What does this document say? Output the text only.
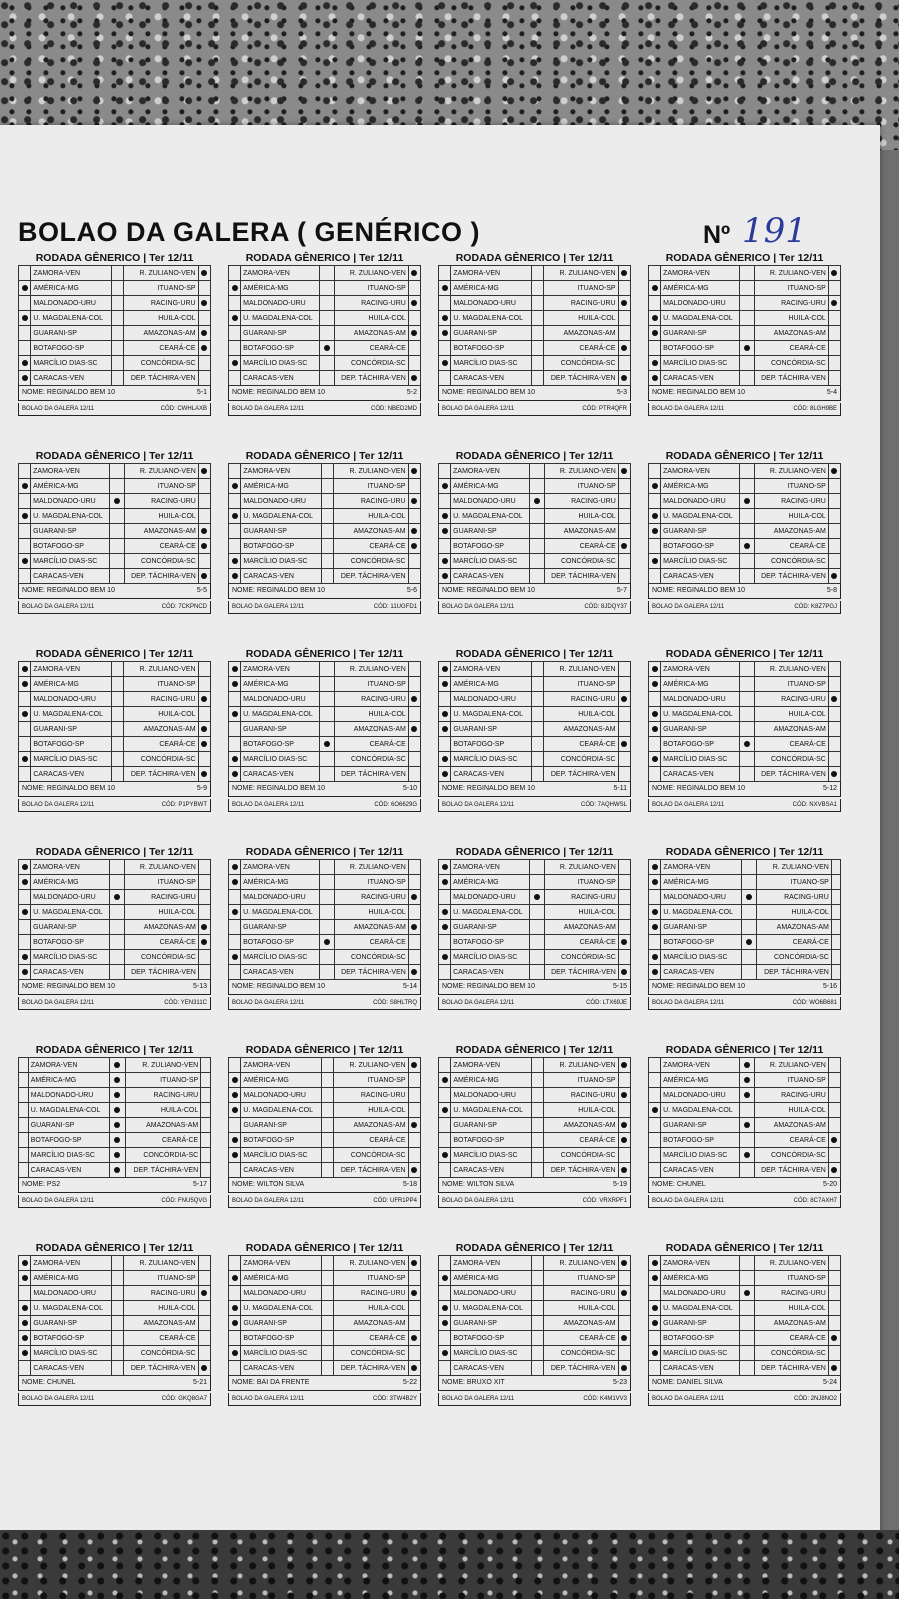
BOLAO DA GALERA ( GENÉRICO )	Nº 191
RODADA GÊNERICO | Ter 12/11
	ZAMORA-VEN		R. ZULIANO-VEN	
	AMÉRICA-MG		ITUANO-SP	
	MALDONADO-URU		RACING-URU	
	U. MAGDALENA-COL		HUILA-COL	
	GUARANI-SP		AMAZONAS-AM	
	BOTAFOGO-SP		CEARÁ-CE	
	MARCÍLIO DIAS-SC		CONCÓRDIA-SC	
	CARACAS-VEN		DEP. TÁCHIRA-VEN	
NOME: REGINALDO BEM 10	5-1
BOLAO DA GALERA 12/11	CÓD: CWHLAXB
RODADA GÊNERICO | Ter 12/11
	ZAMORA-VEN		R. ZULIANO-VEN	
	AMÉRICA-MG		ITUANO-SP	
	MALDONADO-URU		RACING-URU	
	U. MAGDALENA-COL		HUILA-COL	
	GUARANI-SP		AMAZONAS-AM	
	BOTAFOGO-SP		CEARÁ-CE	
	MARCÍLIO DIAS-SC		CONCÓRDIA-SC	
	CARACAS-VEN		DEP. TÁCHIRA-VEN	
NOME: REGINALDO BEM 10	5-2
BOLAO DA GALERA 12/11	CÓD: NBED2MD
RODADA GÊNERICO | Ter 12/11
	ZAMORA-VEN		R. ZULIANO-VEN	
	AMÉRICA-MG		ITUANO-SP	
	MALDONADO-URU		RACING-URU	
	U. MAGDALENA-COL		HUILA-COL	
	GUARANI-SP		AMAZONAS-AM	
	BOTAFOGO-SP		CEARÁ-CE	
	MARCÍLIO DIAS-SC		CONCÓRDIA-SC	
	CARACAS-VEN		DEP. TÁCHIRA-VEN	
NOME: REGINALDO BEM 10	5-3
BOLAO DA GALERA 12/11	CÓD: PTR4QFR
RODADA GÊNERICO | Ter 12/11
	ZAMORA-VEN		R. ZULIANO-VEN	
	AMÉRICA-MG		ITUANO-SP	
	MALDONADO-URU		RACING-URU	
	U. MAGDALENA-COL		HUILA-COL	
	GUARANI-SP		AMAZONAS-AM	
	BOTAFOGO-SP		CEARÁ-CE	
	MARCÍLIO DIAS-SC		CONCÓRDIA-SC	
	CARACAS-VEN		DEP. TÁCHIRA-VEN	
NOME: REGINALDO BEM 10	5-4
BOLAO DA GALERA 12/11	CÓD: 8LGH9BE
RODADA GÊNERICO | Ter 12/11
	ZAMORA-VEN		R. ZULIANO-VEN	
	AMÉRICA-MG		ITUANO-SP	
	MALDONADO-URU		RACING-URU	
	U. MAGDALENA-COL		HUILA-COL	
	GUARANI-SP		AMAZONAS-AM	
	BOTAFOGO-SP		CEARÁ-CE	
	MARCÍLIO DIAS-SC		CONCÓRDIA-SC	
	CARACAS-VEN		DEP. TÁCHIRA-VEN	
NOME: REGINALDO BEM 10	5-5
BOLAO DA GALERA 12/11	CÓD: 7CKPNCD
RODADA GÊNERICO | Ter 12/11
	ZAMORA-VEN		R. ZULIANO-VEN	
	AMÉRICA-MG		ITUANO-SP	
	MALDONADO-URU		RACING-URU	
	U. MAGDALENA-COL		HUILA-COL	
	GUARANI-SP		AMAZONAS-AM	
	BOTAFOGO-SP		CEARÁ-CE	
	MARCÍLIO DIAS-SC		CONCÓRDIA-SC	
	CARACAS-VEN		DEP. TÁCHIRA-VEN	
NOME: REGINALDO BEM 10	5-6
BOLAO DA GALERA 12/11	CÓD: 11UGFD1
RODADA GÊNERICO | Ter 12/11
	ZAMORA-VEN		R. ZULIANO-VEN	
	AMÉRICA-MG		ITUANO-SP	
	MALDONADO-URU		RACING-URU	
	U. MAGDALENA-COL		HUILA-COL	
	GUARANI-SP		AMAZONAS-AM	
	BOTAFOGO-SP		CEARÁ-CE	
	MARCÍLIO DIAS-SC		CONCÓRDIA-SC	
	CARACAS-VEN		DEP. TÁCHIRA-VEN	
NOME: REGINALDO BEM 10	5-7
BOLAO DA GALERA 12/11	CÓD: 8JDQY37
RODADA GÊNERICO | Ter 12/11
	ZAMORA-VEN		R. ZULIANO-VEN	
	AMÉRICA-MG		ITUANO-SP	
	MALDONADO-URU		RACING-URU	
	U. MAGDALENA-COL		HUILA-COL	
	GUARANI-SP		AMAZONAS-AM	
	BOTAFOGO-SP		CEARÁ-CE	
	MARCÍLIO DIAS-SC		CONCÓRDIA-SC	
	CARACAS-VEN		DEP. TÁCHIRA-VEN	
NOME: REGINALDO BEM 10	5-8
BOLAO DA GALERA 12/11	CÓD: K8Z7PGJ
RODADA GÊNERICO | Ter 12/11
	ZAMORA-VEN		R. ZULIANO-VEN	
	AMÉRICA-MG		ITUANO-SP	
	MALDONADO-URU		RACING-URU	
	U. MAGDALENA-COL		HUILA-COL	
	GUARANI-SP		AMAZONAS-AM	
	BOTAFOGO-SP		CEARÁ-CE	
	MARCÍLIO DIAS-SC		CONCÓRDIA-SC	
	CARACAS-VEN		DEP. TÁCHIRA-VEN	
NOME: REGINALDO BEM 10	5-9
BOLAO DA GALERA 12/11	CÓD: P1PYBWT
RODADA GÊNERICO | Ter 12/11
	ZAMORA-VEN		R. ZULIANO-VEN	
	AMÉRICA-MG		ITUANO-SP	
	MALDONADO-URU		RACING-URU	
	U. MAGDALENA-COL		HUILA-COL	
	GUARANI-SP		AMAZONAS-AM	
	BOTAFOGO-SP		CEARÁ-CE	
	MARCÍLIO DIAS-SC		CONCÓRDIA-SC	
	CARACAS-VEN		DEP. TÁCHIRA-VEN	
NOME: REGINALDO BEM 10	5-10
BOLAO DA GALERA 12/11	CÓD: 6O6629G
RODADA GÊNERICO | Ter 12/11
	ZAMORA-VEN		R. ZULIANO-VEN	
	AMÉRICA-MG		ITUANO-SP	
	MALDONADO-URU		RACING-URU	
	U. MAGDALENA-COL		HUILA-COL	
	GUARANI-SP		AMAZONAS-AM	
	BOTAFOGO-SP		CEARÁ-CE	
	MARCÍLIO DIAS-SC		CONCÓRDIA-SC	
	CARACAS-VEN		DEP. TÁCHIRA-VEN	
NOME: REGINALDO BEM 10	5-11
BOLAO DA GALERA 12/11	CÓD: 7AQHWSL
RODADA GÊNERICO | Ter 12/11
	ZAMORA-VEN		R. ZULIANO-VEN	
	AMÉRICA-MG		ITUANO-SP	
	MALDONADO-URU		RACING-URU	
	U. MAGDALENA-COL		HUILA-COL	
	GUARANI-SP		AMAZONAS-AM	
	BOTAFOGO-SP		CEARÁ-CE	
	MARCÍLIO DIAS-SC		CONCÓRDIA-SC	
	CARACAS-VEN		DEP. TÁCHIRA-VEN	
NOME: REGINALDO BEM 10	5-12
BOLAO DA GALERA 12/11	CÓD: NXVBSA1
RODADA GÊNERICO | Ter 12/11
	ZAMORA-VEN		R. ZULIANO-VEN	
	AMÉRICA-MG		ITUANO-SP	
	MALDONADO-URU		RACING-URU	
	U. MAGDALENA-COL		HUILA-COL	
	GUARANI-SP		AMAZONAS-AM	
	BOTAFOGO-SP		CEARÁ-CE	
	MARCÍLIO DIAS-SC		CONCÓRDIA-SC	
	CARACAS-VEN		DEP. TÁCHIRA-VEN	
NOME: REGINALDO BEM 10	5-13
BOLAO DA GALERA 12/11	CÓD: YEN311C
RODADA GÊNERICO | Ter 12/11
	ZAMORA-VEN		R. ZULIANO-VEN	
	AMÉRICA-MG		ITUANO-SP	
	MALDONADO-URU		RACING-URU	
	U. MAGDALENA-COL		HUILA-COL	
	GUARANI-SP		AMAZONAS-AM	
	BOTAFOGO-SP		CEARÁ-CE	
	MARCÍLIO DIAS-SC		CONCÓRDIA-SC	
	CARACAS-VEN		DEP. TÁCHIRA-VEN	
NOME: REGINALDO BEM 10	5-14
BOLAO DA GALERA 12/11	CÓD: S8HLTRQ
RODADA GÊNERICO | Ter 12/11
	ZAMORA-VEN		R. ZULIANO-VEN	
	AMÉRICA-MG		ITUANO-SP	
	MALDONADO-URU		RACING-URU	
	U. MAGDALENA-COL		HUILA-COL	
	GUARANI-SP		AMAZONAS-AM	
	BOTAFOGO-SP		CEARÁ-CE	
	MARCÍLIO DIAS-SC		CONCÓRDIA-SC	
	CARACAS-VEN		DEP. TÁCHIRA-VEN	
NOME: REGINALDO BEM 10	5-15
BOLAO DA GALERA 12/11	CÓD: LTX69JE
RODADA GÊNERICO | Ter 12/11
	ZAMORA-VEN		R. ZULIANO-VEN	
	AMÉRICA-MG		ITUANO-SP	
	MALDONADO-URU		RACING-URU	
	U. MAGDALENA-COL		HUILA-COL	
	GUARANI-SP		AMAZONAS-AM	
	BOTAFOGO-SP		CEARÁ-CE	
	MARCÍLIO DIAS-SC		CONCÓRDIA-SC	
	CARACAS-VEN		DEP. TÁCHIRA-VEN	
NOME: REGINALDO BEM 10	5-16
BOLAO DA GALERA 12/11	CÓD: WO6B681
RODADA GÊNERICO | Ter 12/11
	ZAMORA-VEN		R. ZULIANO-VEN	
	AMÉRICA-MG		ITUANO-SP	
	MALDONADO-URU		RACING-URU	
	U. MAGDALENA-COL		HUILA-COL	
	GUARANI-SP		AMAZONAS-AM	
	BOTAFOGO-SP		CEARÁ-CE	
	MARCÍLIO DIAS-SC		CONCÓRDIA-SC	
	CARACAS-VEN		DEP. TÁCHIRA-VEN	
NOME: PS2	5-17
BOLAO DA GALERA 12/11	CÓD: FNU5QVG
RODADA GÊNERICO | Ter 12/11
	ZAMORA-VEN		R. ZULIANO-VEN	
	AMÉRICA-MG		ITUANO-SP	
	MALDONADO-URU		RACING-URU	
	U. MAGDALENA-COL		HUILA-COL	
	GUARANI-SP		AMAZONAS-AM	
	BOTAFOGO-SP		CEARÁ-CE	
	MARCÍLIO DIAS-SC		CONCÓRDIA-SC	
	CARACAS-VEN		DEP. TÁCHIRA-VEN	
NOME: WILTON SILVA	5-18
BOLAO DA GALERA 12/11	CÓD: UFR1PP4
RODADA GÊNERICO | Ter 12/11
	ZAMORA-VEN		R. ZULIANO-VEN	
	AMÉRICA-MG		ITUANO-SP	
	MALDONADO-URU		RACING-URU	
	U. MAGDALENA-COL		HUILA-COL	
	GUARANI-SP		AMAZONAS-AM	
	BOTAFOGO-SP		CEARÁ-CE	
	MARCÍLIO DIAS-SC		CONCÓRDIA-SC	
	CARACAS-VEN		DEP. TÁCHIRA-VEN	
NOME: WILTON SILVA	5-19
BOLAO DA GALERA 12/11	CÓD: VRXRPF1
RODADA GÊNERICO | Ter 12/11
	ZAMORA-VEN		R. ZULIANO-VEN	
	AMÉRICA-MG		ITUANO-SP	
	MALDONADO-URU		RACING-URU	
	U. MAGDALENA-COL		HUILA-COL	
	GUARANI-SP		AMAZONAS-AM	
	BOTAFOGO-SP		CEARÁ-CE	
	MARCÍLIO DIAS-SC		CONCÓRDIA-SC	
	CARACAS-VEN		DEP. TÁCHIRA-VEN	
NOME: CHUNEL	5-20
BOLAO DA GALERA 12/11	CÓD: 8C7AXH7
RODADA GÊNERICO | Ter 12/11
	ZAMORA-VEN		R. ZULIANO-VEN	
	AMÉRICA-MG		ITUANO-SP	
	MALDONADO-URU		RACING-URU	
	U. MAGDALENA-COL		HUILA-COL	
	GUARANI-SP		AMAZONAS-AM	
	BOTAFOGO-SP		CEARÁ-CE	
	MARCÍLIO DIAS-SC		CONCÓRDIA-SC	
	CARACAS-VEN		DEP. TÁCHIRA-VEN	
NOME: CHUNEL	5-21
BOLAO DA GALERA 12/11	CÓD: GKQ8GA7
RODADA GÊNERICO | Ter 12/11
	ZAMORA-VEN		R. ZULIANO-VEN	
	AMÉRICA-MG		ITUANO-SP	
	MALDONADO-URU		RACING-URU	
	U. MAGDALENA-COL		HUILA-COL	
	GUARANI-SP		AMAZONAS-AM	
	BOTAFOGO-SP		CEARÁ-CE	
	MARCÍLIO DIAS-SC		CONCÓRDIA-SC	
	CARACAS-VEN		DEP. TÁCHIRA-VEN	
NOME: BAI DA FRENTE	5-22
BOLAO DA GALERA 12/11	CÓD: 3TW4B2Y
RODADA GÊNERICO | Ter 12/11
	ZAMORA-VEN		R. ZULIANO-VEN	
	AMÉRICA-MG		ITUANO-SP	
	MALDONADO-URU		RACING-URU	
	U. MAGDALENA-COL		HUILA-COL	
	GUARANI-SP		AMAZONAS-AM	
	BOTAFOGO-SP		CEARÁ-CE	
	MARCÍLIO DIAS-SC		CONCÓRDIA-SC	
	CARACAS-VEN		DEP. TÁCHIRA-VEN	
NOME: BRUXO XIT	5-23
BOLAO DA GALERA 12/11	CÓD: K4M1VV3
RODADA GÊNERICO | Ter 12/11
	ZAMORA-VEN		R. ZULIANO-VEN	
	AMÉRICA-MG		ITUANO-SP	
	MALDONADO-URU		RACING-URU	
	U. MAGDALENA-COL		HUILA-COL	
	GUARANI-SP		AMAZONAS-AM	
	BOTAFOGO-SP		CEARÁ-CE	
	MARCÍLIO DIAS-SC		CONCÓRDIA-SC	
	CARACAS-VEN		DEP. TÁCHIRA-VEN	
NOME: DANIEL SILVA	5-24
BOLAO DA GALERA 12/11	CÓD: 2NJ8NO2
